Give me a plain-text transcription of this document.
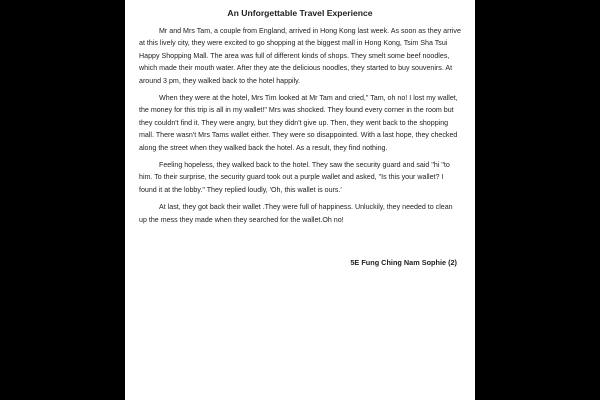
An Unforgettable Travel Experience

Mr and Mrs Tam, a couple from England, arrived in Hong Kong last week. As soon as they arrive at this lively city, they were excited to go shopping at the biggest mall in Hong Kong, Tsim Sha Tsui Happy Shopping Mall. The area was full of different kinds of shops. They smelt some beef noodles, which made their mouth water. After they ate the delicious noodles, they started to buy souvenirs. At around 3 pm, they walked back to the hotel happily.

When they were at the hotel, Mrs Tim looked at Mr Tam and cried," Tam, oh no! I lost my wallet, the money for this trip is all in my wallet!" Mrs was shocked. They found every corner in the room but they couldn't find it. They were angry, but they didn't give up. Then, they went back to the shopping mall. There wasn't Mrs Tams wallet either. They were so disappointed. With a last hope, they checked along the street when they walked back the hotel. As a result, they find nothing.

Feeling hopeless, they walked back to the hotel. They saw the security guard and said "hi "to him. To their surprise, the security guard took out a purple wallet and asked, "Is this your wallet? I found it at the lobby." They replied loudly, 'Oh, this wallet is ours.'

At last, they got back their wallet .They were full of happiness. Unluckily, they needed to clean up the mess they made when they searched for the wallet.Oh no!

5E Fung Ching Nam Sophie (2)
